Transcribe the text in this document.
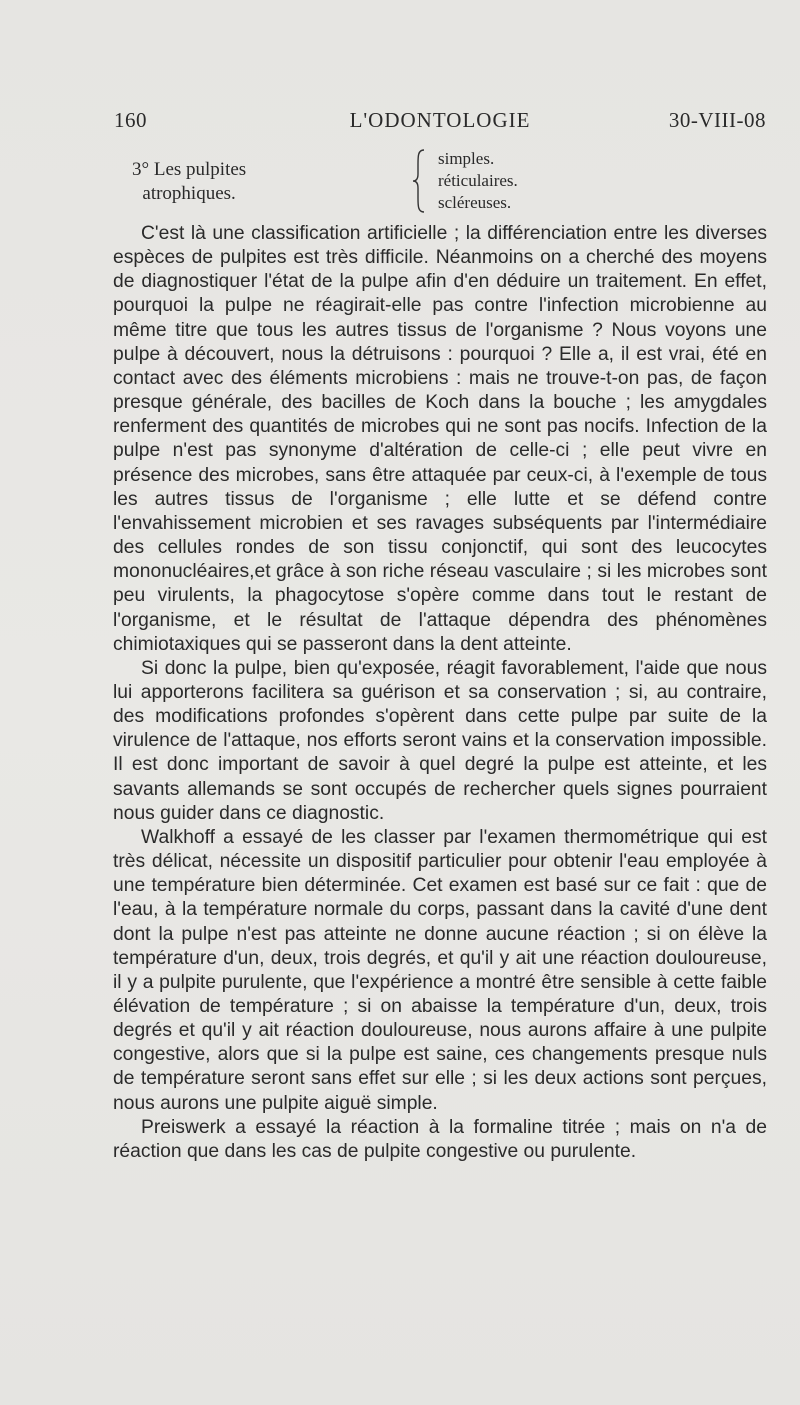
160	L'ODONTOLOGIE	30-VIII-08
3° Les pulpites
atrophiques.
simples.
réticulaires.
scléreuses.

C'est là une classification artificielle ; la différenciation entre les diverses espèces de pulpites est très difficile. Néanmoins on a cherché des moyens de diagnostiquer l'état de la pulpe afin d'en déduire un traitement. En effet, pourquoi la pulpe ne réagirait-elle pas contre l'infection microbienne au même titre que tous les autres tissus de l'organisme ? Nous voyons une pulpe à découvert, nous la détruisons : pourquoi ? Elle a, il est vrai, été en contact avec des éléments microbiens : mais ne trouve-t-on pas, de façon presque générale, des bacilles de Koch dans la bouche ; les amygdales renferment des quantités de microbes qui ne sont pas nocifs. Infection de la pulpe n'est pas synonyme d'altération de celle-ci ; elle peut vivre en présence des microbes, sans être attaquée par ceux-ci, à l'exemple de tous les autres tissus de l'organisme ; elle lutte et se défend contre l'envahissement microbien et ses ravages subséquents par l'intermédiaire des cellules rondes de son tissu conjonctif, qui sont des leucocytes mononucléaires,et grâce à son riche réseau vasculaire ; si les microbes sont peu virulents, la phagocytose s'opère comme dans tout le restant de l'organisme, et le résultat de l'attaque dépendra des phénomènes chimiotaxiques qui se passeront dans la dent atteinte.

Si donc la pulpe, bien qu'exposée, réagit favorablement, l'aide que nous lui apporterons facilitera sa guérison et sa conservation ; si, au contraire, des modifications profondes s'opèrent dans cette pulpe par suite de la virulence de l'attaque, nos efforts seront vains et la conservation impossible. Il est donc important de savoir à quel degré la pulpe est atteinte, et les savants allemands se sont occupés de rechercher quels signes pourraient nous guider dans ce diagnostic.

Walkhoff a essayé de les classer par l'examen thermométrique qui est très délicat, nécessite un dispositif particulier pour obtenir l'eau employée à une température bien déterminée. Cet examen est basé sur ce fait : que de l'eau, à la température normale du corps, passant dans la cavité d'une dent dont la pulpe n'est pas atteinte ne donne aucune réaction ; si on élève la température d'un, deux, trois degrés, et qu'il y ait une réaction douloureuse, il y a pulpite purulente, que l'expérience a montré être sensible à cette faible élévation de température ; si on abaisse la température d'un, deux, trois degrés et qu'il y ait réaction douloureuse, nous aurons affaire à une pulpite congestive, alors que si la pulpe est saine, ces changements presque nuls de température seront sans effet sur elle ; si les deux actions sont perçues, nous aurons une pulpite aiguë simple.

Preiswerk a essayé la réaction à la formaline titrée ; mais on n'a de réaction que dans les cas de pulpite congestive ou purulente.
